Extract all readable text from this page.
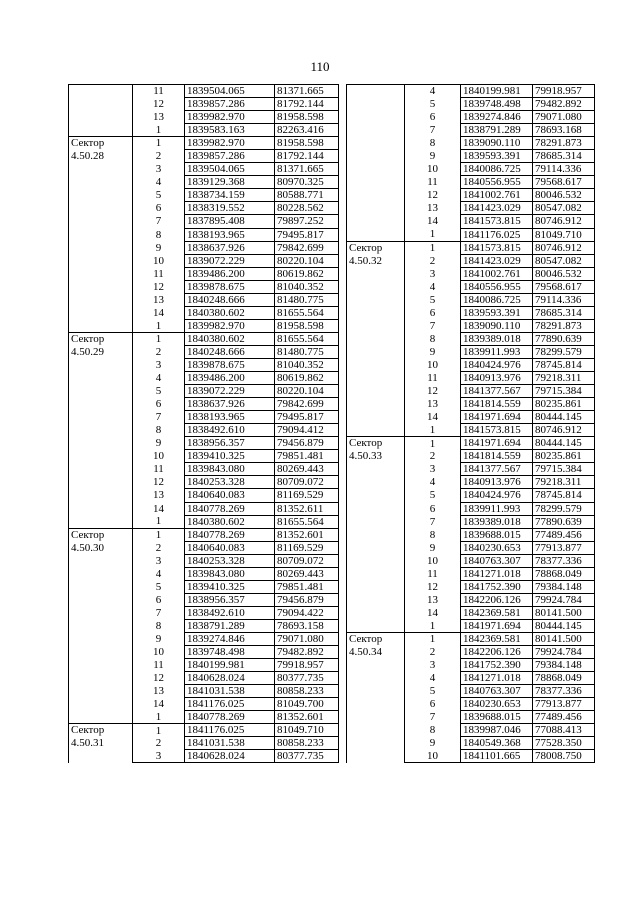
110
	11	1839504.065	81371.665
	12	1839857.286	81792.144
	13	1839982.970	81958.598
	1	1839583.163	82263.416

Сектор
4.50.28	1	1839982.970	81958.598
	2	1839857.286	81792.144
	3	1839504.065	81371.665
	4	1839129.368	80970.325
	5	1838734.159	80588.771
	6	1838319.552	80228.562
	7	1837895.408	79897.252
	8	1838193.965	79495.817
	9	1838637.926	79842.699
	10	1839072.229	80220.104
	11	1839486.200	80619.862
	12	1839878.675	81040.352
	13	1840248.666	81480.775
	14	1840380.602	81655.564
	1	1839982.970	81958.598

Сектор
4.50.29	1	1840380.602	81655.564
	2	1840248.666	81480.775
	3	1839878.675	81040.352
	4	1839486.200	80619.862
	5	1839072.229	80220.104
	6	1838637.926	79842.699
	7	1838193.965	79495.817
	8	1838492.610	79094.412
	9	1838956.357	79456.879
	10	1839410.325	79851.481
	11	1839843.080	80269.443
	12	1840253.328	80709.072
	13	1840640.083	81169.529
	14	1840778.269	81352.611
	1	1840380.602	81655.564

Сектор
4.50.30	1	1840778.269	81352.601
	2	1840640.083	81169.529
	3	1840253.328	80709.072
	4	1839843.080	80269.443
	5	1839410.325	79851.481
	6	1838956.357	79456.879
	7	1838492.610	79094.422
	8	1838791.289	78693.158
	9	1839274.846	79071.080
	10	1839748.498	79482.892
	11	1840199.981	79918.957
	12	1840628.024	80377.735
	13	1841031.538	80858.233
	14	1841176.025	81049.700
	1	1840778.269	81352.601

Сектор
4.50.31	1	1841176.025	81049.710
	2	1841031.538	80858.233
	3	1840628.024	80377.735
	4	1840199.981	79918.957
	5	1839748.498	79482.892
	6	1839274.846	79071.080
	7	1838791.289	78693.168
	8	1839090.110	78291.873
	9	1839593.391	78685.314
	10	1840086.725	79114.336
	11	1840556.955	79568.617
	12	1841002.761	80046.532
	13	1841423.029	80547.082
	14	1841573.815	80746.912
	1	1841176.025	81049.710

Сектор
4.50.32	1	1841573.815	80746.912
	2	1841423.029	80547.082
	3	1841002.761	80046.532
	4	1840556.955	79568.617
	5	1840086.725	79114.336
	6	1839593.391	78685.314
	7	1839090.110	78291.873
	8	1839389.018	77890.639
	9	1839911.993	78299.579
	10	1840424.976	78745.814
	11	1840913.976	79218.311
	12	1841377.567	79715.384
	13	1841814.559	80235.861
	14	1841971.694	80444.145
	1	1841573.815	80746.912

Сектор
4.50.33	1	1841971.694	80444.145
	2	1841814.559	80235.861
	3	1841377.567	79715.384
	4	1840913.976	79218.311
	5	1840424.976	78745.814
	6	1839911.993	78299.579
	7	1839389.018	77890.639
	8	1839688.015	77489.456
	9	1840230.653	77913.877
	10	1840763.307	78377.336
	11	1841271.018	78868.049
	12	1841752.390	79384.148
	13	1842206.126	79924.784
	14	1842369.581	80141.500
	1	1841971.694	80444.145

Сектор
4.50.34	1	1842369.581	80141.500
	2	1842206.126	79924.784
	3	1841752.390	79384.148
	4	1841271.018	78868.049
	5	1840763.307	78377.336
	6	1840230.653	77913.877
	7	1839688.015	77489.456
	8	1839987.046	77088.413
	9	1840549.368	77528.350
	10	1841101.665	78008.750
